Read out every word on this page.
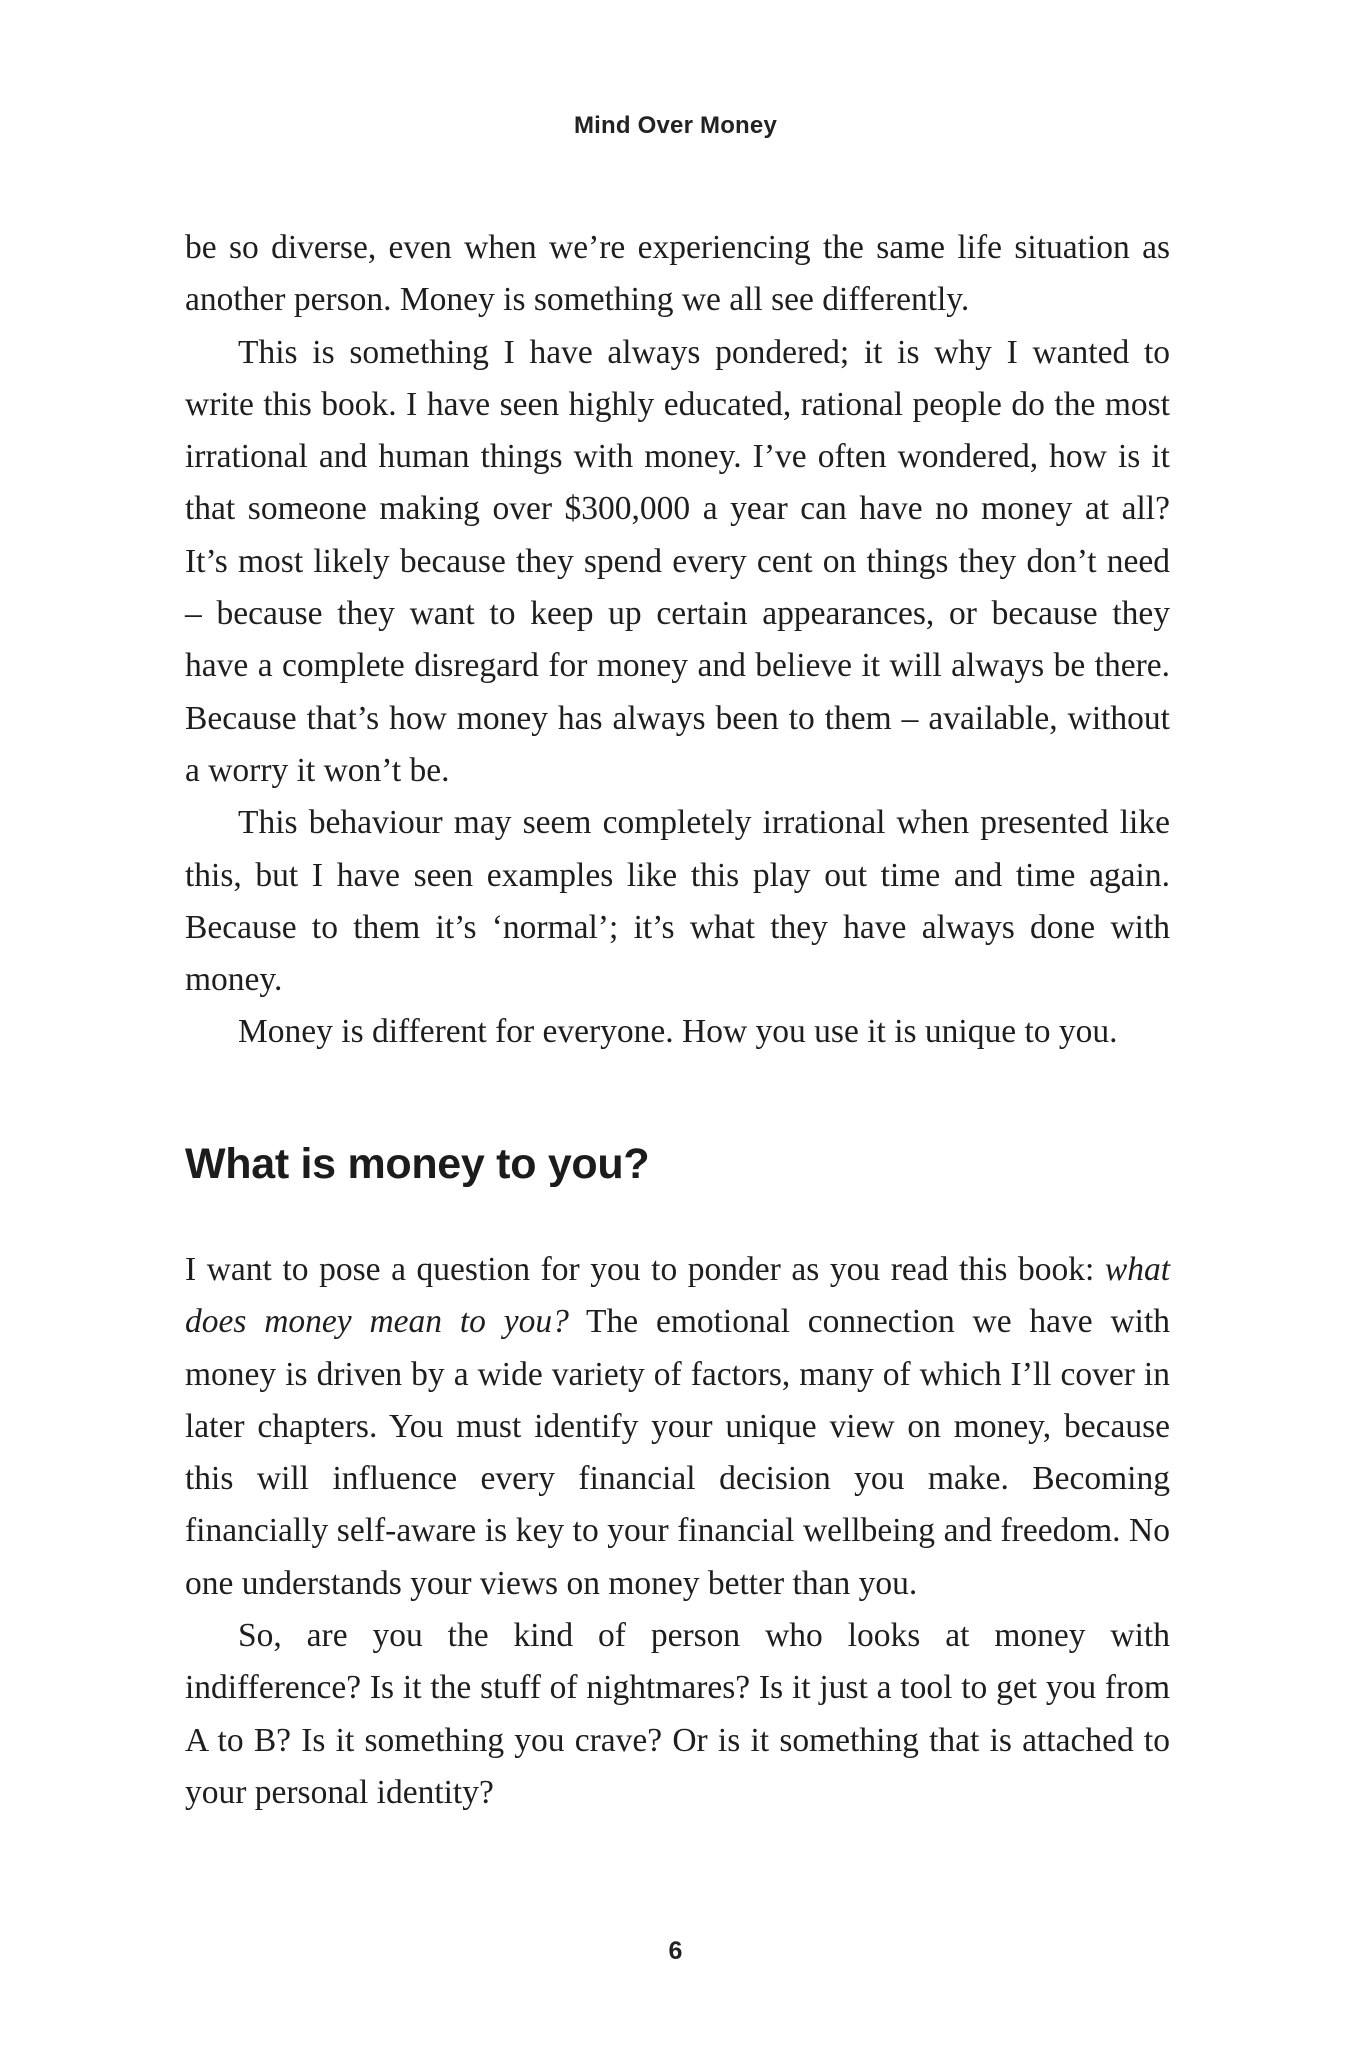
Mind Over Money

be so diverse, even when we’re experiencing the same life situation as another person. Money is something we all see differently.

This is something I have always pondered; it is why I wanted to write this book. I have seen highly educated, rational people do the most irrational and human things with money. I’ve often wondered, how is it that someone making over $300,000 a year can have no money at all? It’s most likely because they spend every cent on things they don’t need – because they want to keep up certain appearances, or because they have a complete disregard for money and believe it will always be there. Because that’s how money has always been to them – available, without a worry it won’t be.

This behaviour may seem completely irrational when presented like this, but I have seen examples like this play out time and time again. Because to them it’s ‘normal’; it’s what they have always done with money.

Money is different for everyone. How you use it is unique to you.

What is money to you?

I want to pose a question for you to ponder as you read this book: what does money mean to you? The emotional connection we have with money is driven by a wide variety of factors, many of which I’ll cover in later chapters. You must identify your unique view on money, because this will influence every financial decision you make. Becoming financially self-aware is key to your financial wellbeing and freedom. No one understands your views on money better than you.

So, are you the kind of person who looks at money with indifference? Is it the stuff of nightmares? Is it just a tool to get you from A to B? Is it something you crave? Or is it something that is attached to your personal identity?

6
